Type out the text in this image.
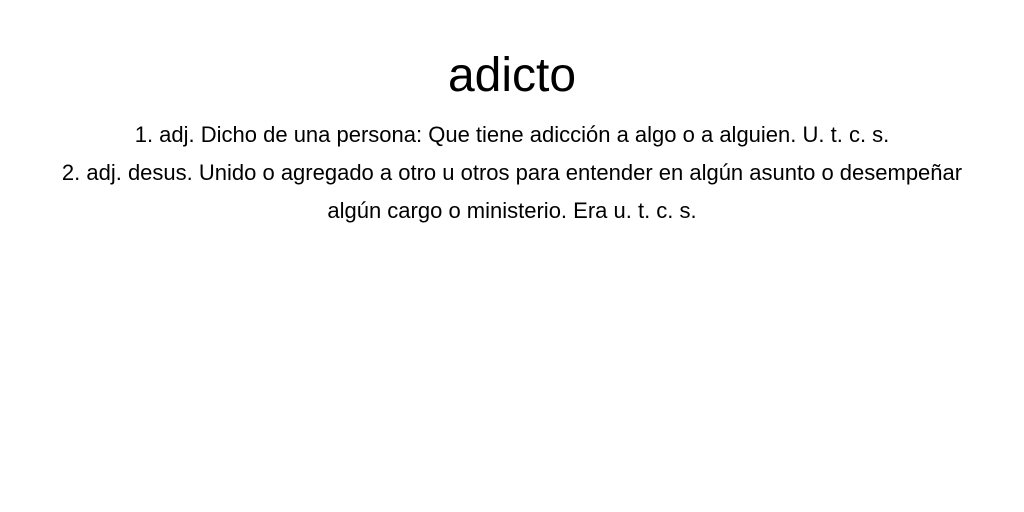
adicto
1. adj. Dicho de una persona: Que tiene adicción a algo o a alguien. U. t. c. s.
2. adj. desus. Unido o agregado a otro u otros para entender en algún asunto o desempeñar algún cargo o ministerio. Era u. t. c. s.
